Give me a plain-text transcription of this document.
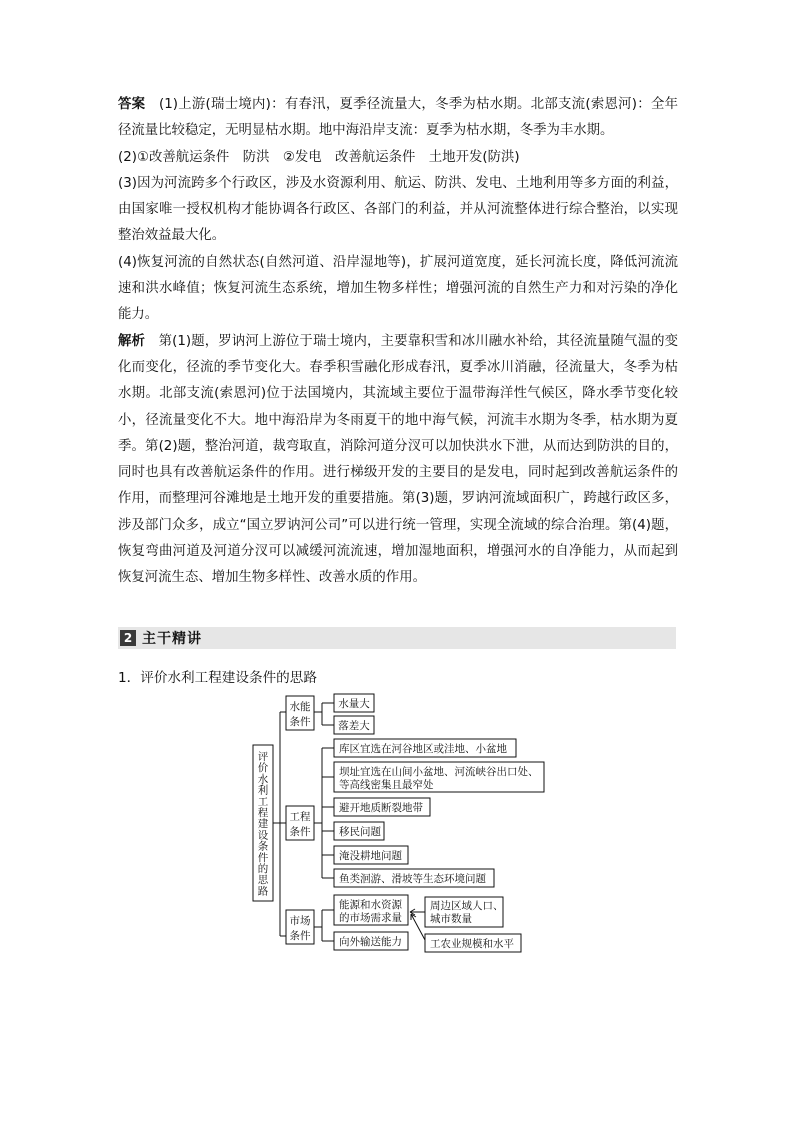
答案　 (1)上游(瑞士境内)：有春汛，夏季径流量大，冬季为枯水期。北部支流(索恩河)：全年径流量比较稳定，无明显枯水期。地中海沿岸支流：夏季为枯水期，冬季为丰水期。

(2)①改善航运条件　防洪　②发电　改善航运条件　土地开发(防洪)

(3)因为河流跨多个行政区，涉及水资源利用、航运、防洪、发电、土地利用等多方面的利益，由国家唯一授权机构才能协调各行政区、各部门的利益，并从河流整体进行综合整治，以实现整治效益最大化。

(4)恢复河流的自然状态(自然河道、沿岸湿地等)，扩展河道宽度，延长河流长度，降低河流流速和洪水峰值；恢复河流生态系统，增加生物多样性；增强河流的自然生产力和对污染的净化能力。

解析　 第(1)题，罗讷河上游位于瑞士境内，主要靠积雪和冰川融水补给，其径流量随气温的变化而变化，径流的季节变化大。春季积雪融化形成春汛，夏季冰川消融，径流量大，冬季为枯水期。北部支流(索恩河)位于法国境内，其流域主要位于温带海洋性气候区，降水季节变化较小，径流量变化不大。地中海沿岸为冬雨夏干的地中海气候，河流丰水期为冬季，枯水期为夏季。第(2)题，整治河道，裁弯取直，消除河道分汊可以加快洪水下泄，从而达到防洪的目的，同时也具有改善航运条件的作用。进行梯级开发的主要目的是发电，同时起到改善航运条件的作用，而整理河谷滩地是土地开发的重要措施。第(3)题，罗讷河流域面积广，跨越行政区多，涉及部门众多，成立“国立罗讷河公司”可以进行统一管理，实现全流域的综合治理。第(4)题，恢复弯曲河道及河道分汊可以减缓河流流速，增加湿地面积，增强河水的自净能力，从而起到恢复河流生态、增加生物多样性、改善水质的作用。

2 主干精讲
1．评价水利工程建设条件的思路
评价水利工程建设条件的思路
水能
条件
水量大
落差大
工程
条件
库区宜选在河谷地区或洼地、小盆地
坝址宜选在山间小盆地、河流峡谷出口处、
等高线密集且最窄处
避开地质断裂地带
移民问题
淹没耕地问题
鱼类洄游、滑坡等生态环境问题
市场
条件
能源和水资源
的市场需求量
向外输送能力
周边区域人口、
城市数量
工农业规模和水平
